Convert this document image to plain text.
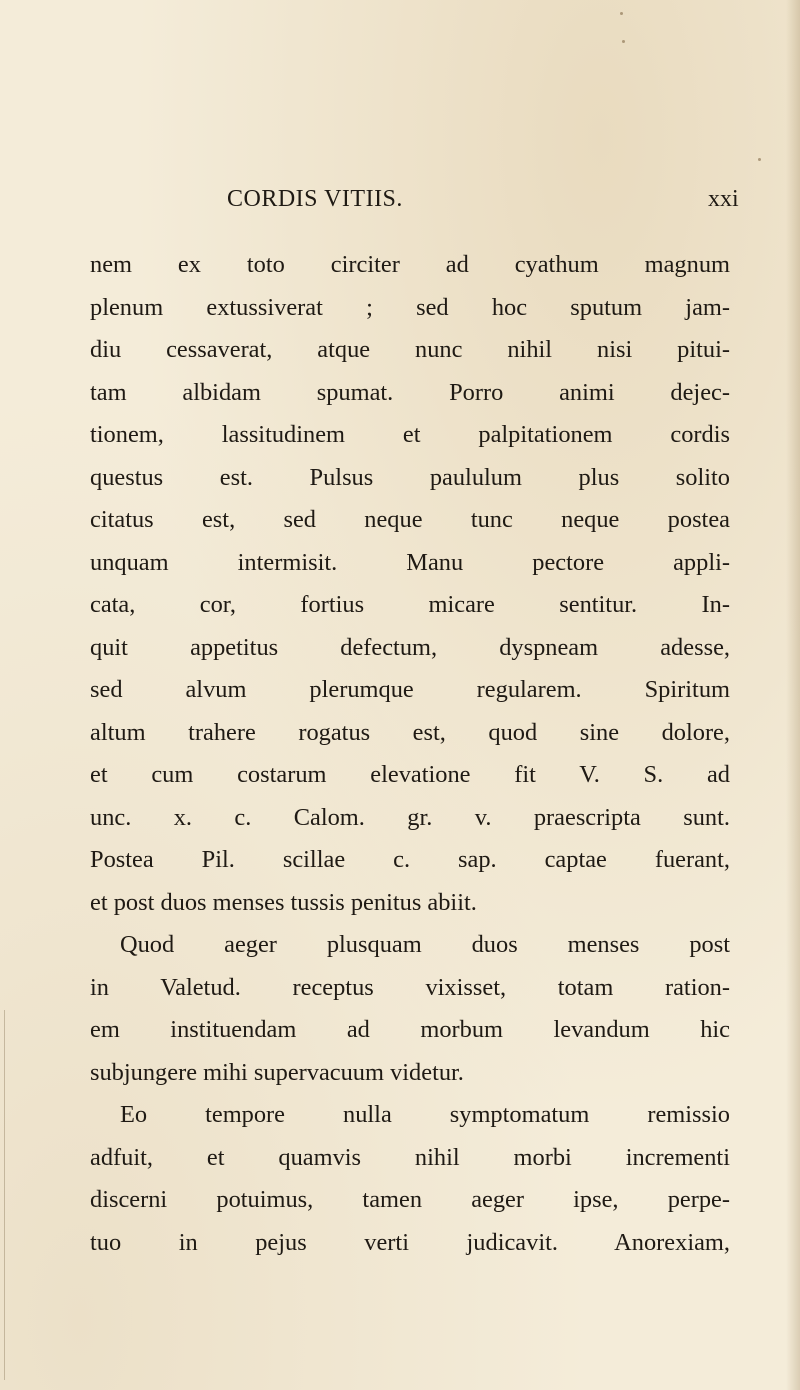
CORDIS VITIIS.	xxi
nem ex toto circiter ad cyathum magnum
plenum extussiverat ; sed hoc sputum jam-
diu cessaverat, atque nunc nihil nisi pitui-
tam albidam spumat. Porro animi dejec-
tionem, lassitudinem et palpitationem cordis
questus est. Pulsus paululum plus solito
citatus est, sed neque tunc neque postea
unquam intermisit. Manu pectore appli-
cata, cor, fortius micare sentitur. In-
quit appetitus defectum, dyspneam adesse,
sed alvum plerumque regularem. Spiritum
altum trahere rogatus est, quod sine dolore,
et cum costarum elevatione fit V. S. ad
unc. x. c. Calom. gr. v. praescripta sunt.
Postea Pil. scillae c. sap. captae fuerant,
et post duos menses tussis penitus abiit.
Quod aeger plusquam duos menses post
in Valetud. receptus vixisset, totam ration-
em instituendam ad morbum levandum hic
subjungere mihi supervacuum videtur.
Eo tempore nulla symptomatum remissio
adfuit, et quamvis nihil morbi incrementi
discerni potuimus, tamen aeger ipse, perpe-
tuo in pejus verti judicavit. Anorexiam,
